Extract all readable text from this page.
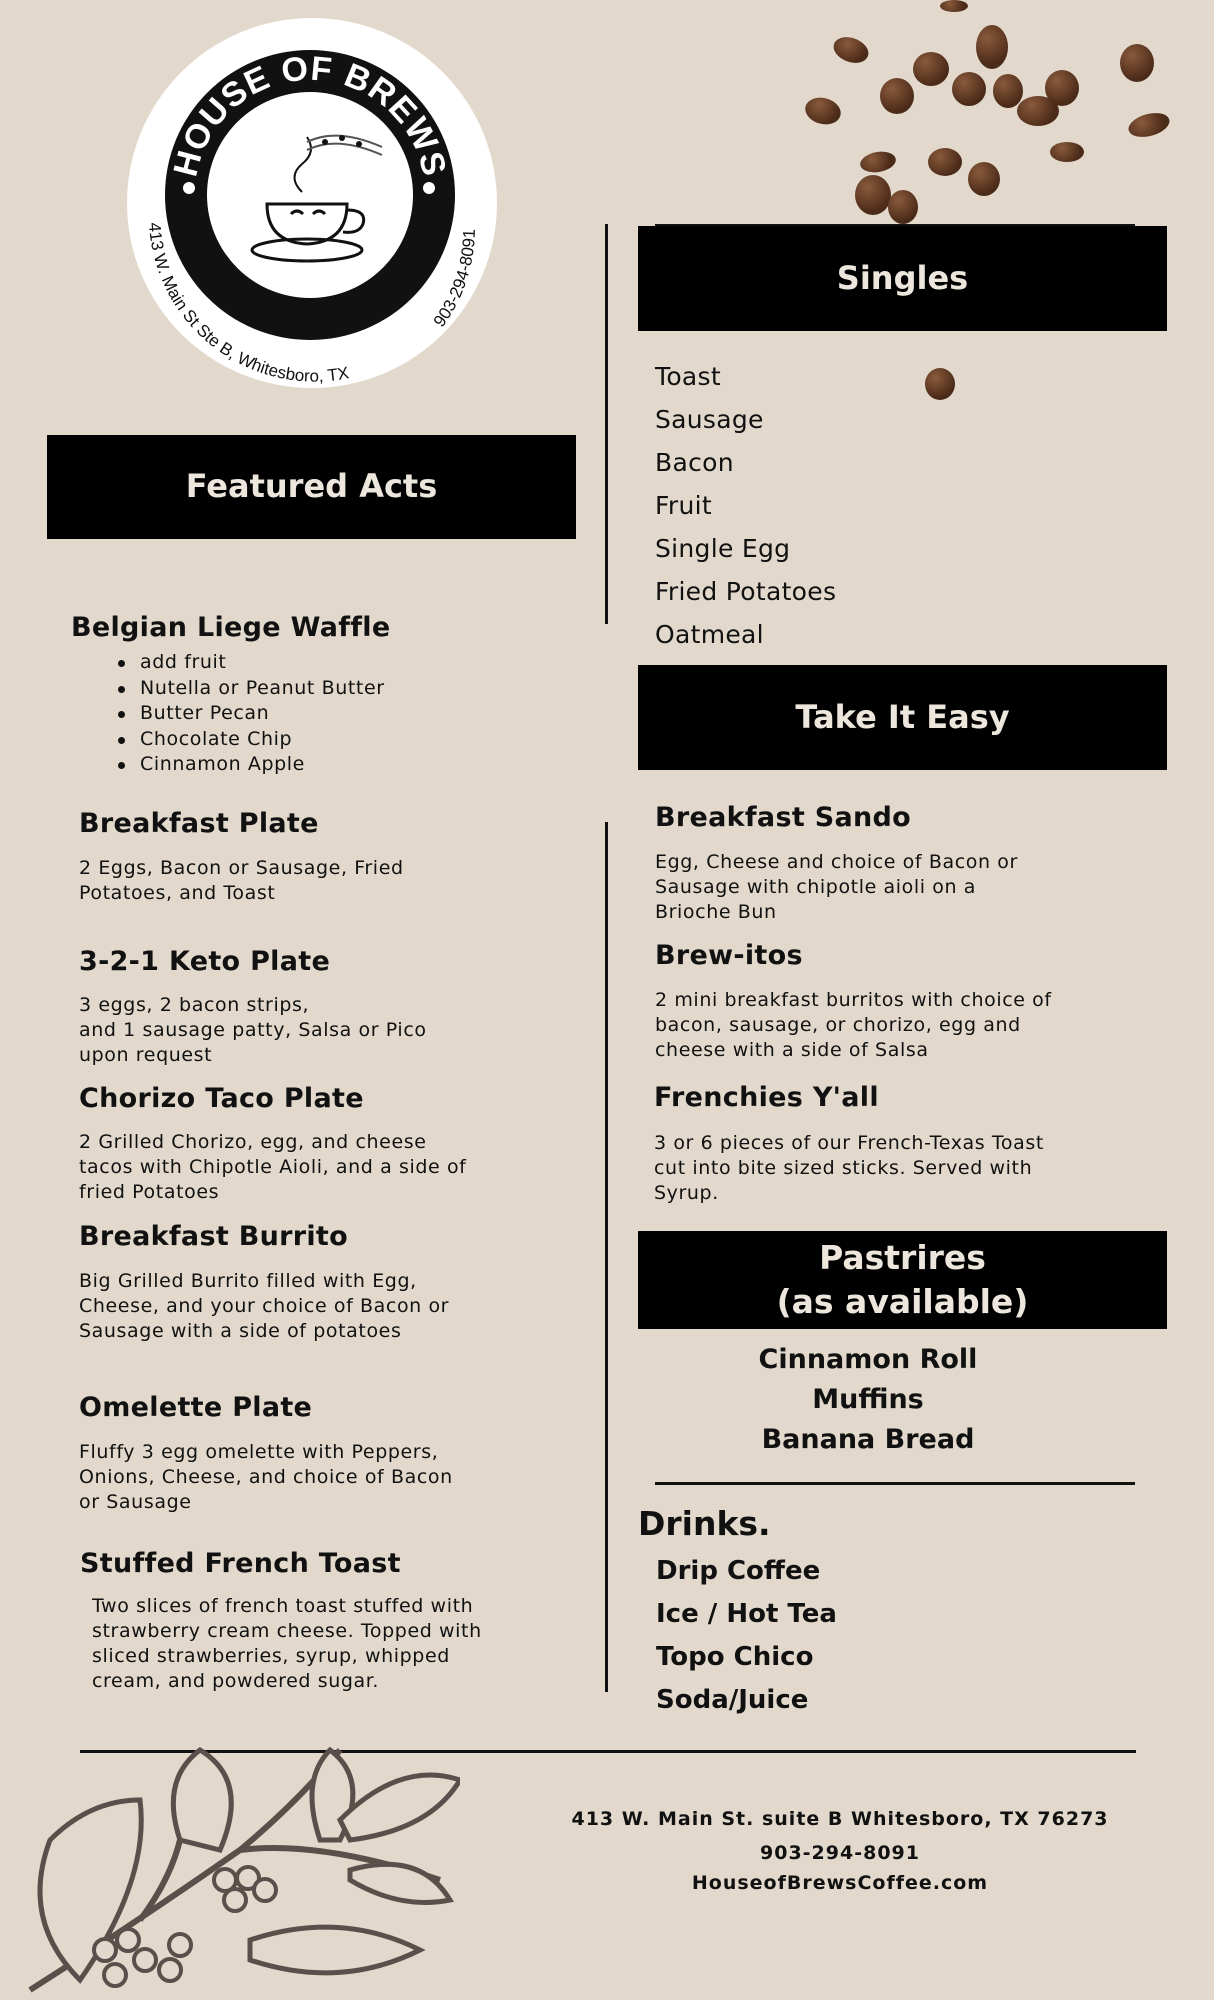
HOUSE OF BREWS
413 W. Main St Ste B, Whitesboro, TX
903-294-8091
Featured Acts
Belgian Liege Waffle
add fruit
Nutella or Peanut Butter
Butter Pecan
Chocolate Chip
Cinnamon Apple
Breakfast Plate
2 Eggs, Bacon or Sausage, Fried
Potatoes, and Toast
3-2-1 Keto Plate
3 eggs, 2 bacon strips,
and 1 sausage patty, Salsa or Pico
upon request
Chorizo Taco Plate
2 Grilled Chorizo, egg, and cheese
tacos with Chipotle Aioli, and a side of
fried Potatoes
Breakfast Burrito
Big Grilled Burrito filled with Egg,
Cheese, and your choice of Bacon or
Sausage with a side of potatoes
Omelette Plate
Fluffy 3 egg omelette with Peppers,
Onions, Cheese, and choice of Bacon
or Sausage
Stuffed French Toast
Two slices of french toast stuffed with
strawberry cream cheese. Topped with
sliced strawberries, syrup, whipped
cream, and powdered sugar.
Singles
Toast
Sausage
Bacon
Fruit
Single Egg
Fried Potatoes
Oatmeal
Take It Easy
Breakfast Sando
Egg, Cheese and choice of Bacon or
Sausage with chipotle aioli on a
Brioche Bun
Brew-itos
2 mini breakfast burritos with choice of
bacon, sausage, or chorizo, egg and
cheese with a side of Salsa
Frenchies Y'all
3 or 6 pieces of our French-Texas Toast
cut into bite sized sticks. Served with
Syrup.
Pastrires
(as available)
Cinnamon Roll
Muffins
Banana Bread
Drinks.
Drip Coffee
Ice / Hot Tea
Topo Chico
Soda/Juice
413 W. Main St. suite B Whitesboro, TX 76273
903-294-8091
HouseofBrewsCoffee.com
